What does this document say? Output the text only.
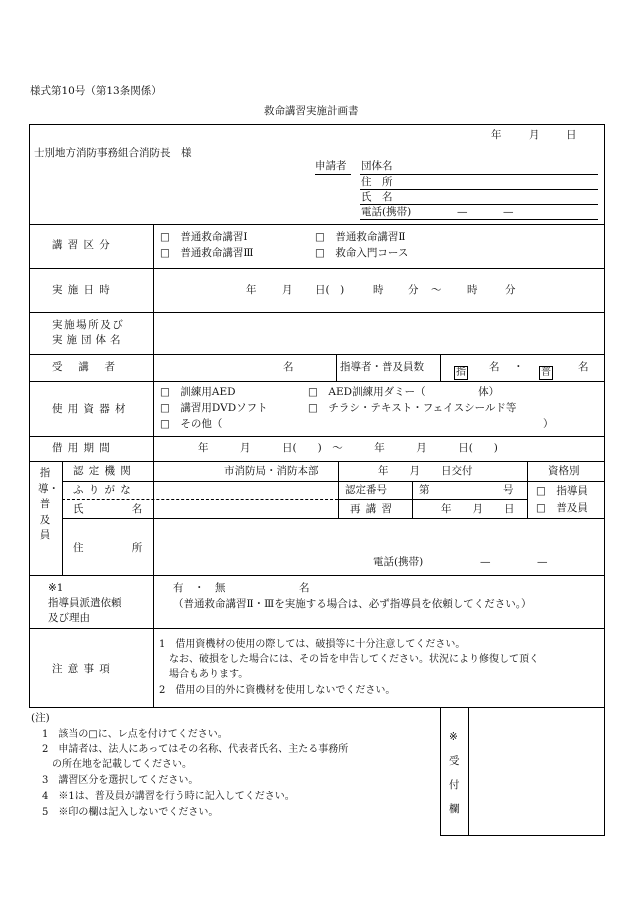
様式第10号（第13条関係）
救命講習実施計画書
年	月	日
士別地方消防事務組合消防長　様
申請者 団体名
住　所
氏　名
電話(携帯)	—	—
講習区分
□　普通救命講習Ⅰ	□　普通救命講習Ⅱ
□　普通救命講習Ⅲ	□　救命入門コース
実施日時	年 月 日(　)	時 分 ～ 時	分
実施場所及び
実施団体名
受講者	名	指導者・普及員数	指 名・ 普	名
使用資器材
□　訓練用AED	□　AED訓練用ダミー（　　　　　体）
□　講習用DVDソフト	□　チラシ・テキスト・フェイスシールド等
□　その他（	）
借用期間	年　　　月　　　日(　　)　～　　　年　　　月　　　日(　　)
指導・普及員
認定機関	市消防局・消防本部	年　　月　　日交付	資格別
ふりがな	認定番号	第　　　　　　　号 □　指導員
氏名	再講習	年　　月　　日 □　普及員
住所
電話(携帯)	—	—
※1
指導員派遣依頼
及び理由
有　・　無　　　　　　　名
（普通救命講習Ⅱ・Ⅲを実施する場合は、必ず指導員を依頼してください。）
注意事項
1　借用資機材の使用の際しては、破損等に十分注意してください。
　なお、破損をした場合には、その旨を申告してください。状況により修復して頂く
　場合もあります。
2　借用の目的外に資機材を使用しないでください。
(注)
1　該当の□に、レ点を付けてください。
2　申請者は、法人にあってはその名称、代表者氏名、主たる事務所
　の所在地を記載してください。
3　講習区分を選択してください。
4　※1は、普及員が講習を行う時に記入してください。
5　※印の欄は記入しないでください。
※
受
付
欄
